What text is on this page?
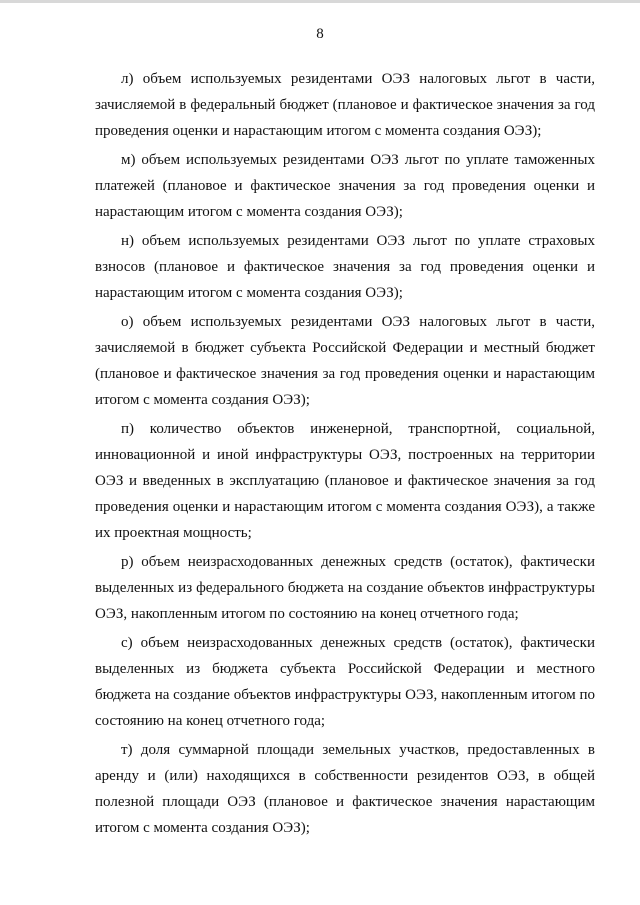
8

л) объем используемых резидентами ОЭЗ налоговых льгот в части, зачисляемой в федеральный бюджет (плановое и фактическое значения за год проведения оценки и нарастающим итогом с момента создания ОЭЗ);

м) объем используемых резидентами ОЭЗ льгот по уплате таможенных платежей (плановое и фактическое значения за год проведения оценки и нарастающим итогом с момента создания ОЭЗ);

н) объем используемых резидентами ОЭЗ льгот по уплате страховых взносов (плановое и фактическое значения за год проведения оценки и нарастающим итогом с момента создания ОЭЗ);

о) объем используемых резидентами ОЭЗ налоговых льгот в части, зачисляемой в бюджет субъекта Российской Федерации и местный бюджет (плановое и фактическое значения за год проведения оценки и нарастающим итогом с момента создания ОЭЗ);

п) количество объектов инженерной, транспортной, социальной, инновационной и иной инфраструктуры ОЭЗ, построенных на территории ОЭЗ и введенных в эксплуатацию (плановое и фактическое значения за год проведения оценки и нарастающим итогом с момента создания ОЭЗ), а также их проектная мощность;

р) объем неизрасходованных денежных средств (остаток), фактически выделенных из федерального бюджета на создание объектов инфраструктуры ОЭЗ, накопленным итогом по состоянию на конец отчетного года;

с) объем неизрасходованных денежных средств (остаток), фактически выделенных из бюджета субъекта Российской Федерации и местного бюджета на создание объектов инфраструктуры ОЭЗ, накопленным итогом по состоянию на конец отчетного года;

т) доля суммарной площади земельных участков, предоставленных в аренду и (или) находящихся в собственности резидентов ОЭЗ, в общей полезной площади ОЭЗ (плановое и фактическое значения нарастающим итогом с момента создания ОЭЗ);
